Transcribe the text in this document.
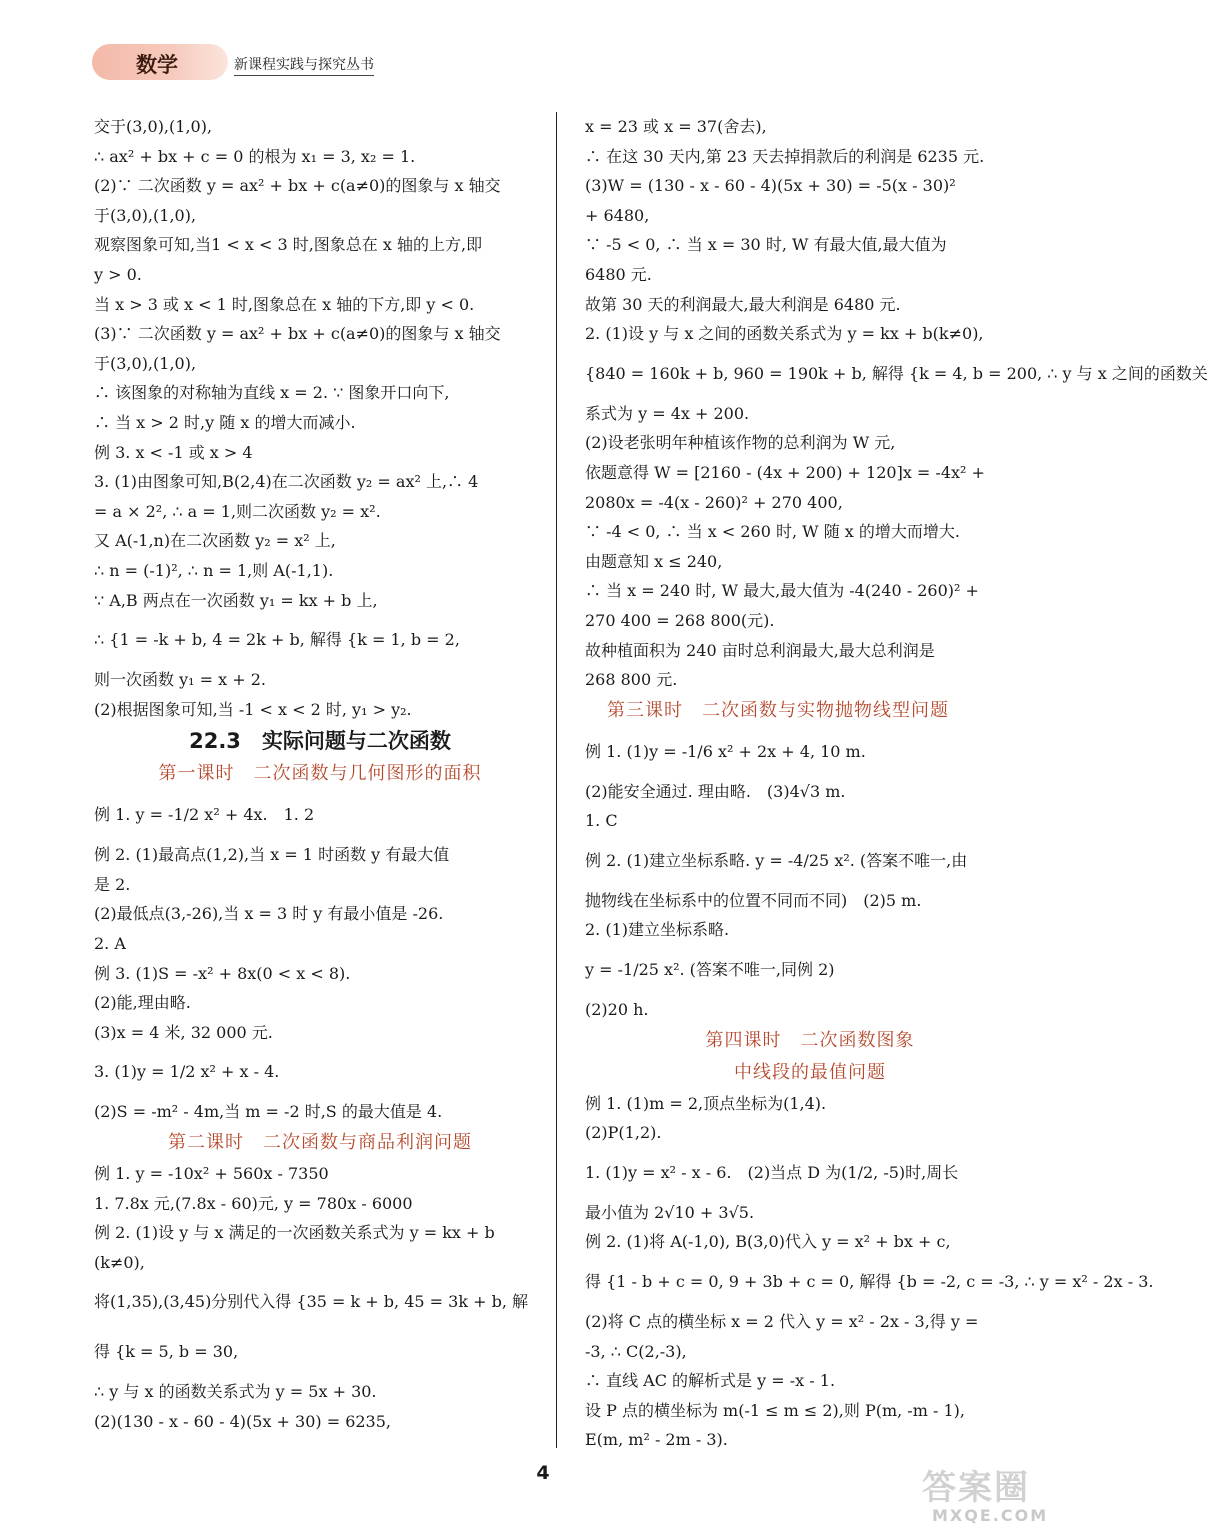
数学	新课程实践与探究丛书
交于(3,0),(1,0),
∴ ax² + bx + c = 0 的根为 x₁ = 3, x₂ = 1.
(2)∵ 二次函数 y = ax² + bx + c(a≠0)的图象与 x 轴交
于(3,0),(1,0),
观察图象可知,当1 < x < 3 时,图象总在 x 轴的上方,即
y > 0.
当 x > 3 或 x < 1 时,图象总在 x 轴的下方,即 y < 0.
(3)∵ 二次函数 y = ax² + bx + c(a≠0)的图象与 x 轴交
于(3,0),(1,0),
∴ 该图象的对称轴为直线 x = 2. ∵ 图象开口向下,
∴ 当 x > 2 时,y 随 x 的增大而减小.
例 3. x < -1 或 x > 4
3. (1)由图象可知,B(2,4)在二次函数 y₂ = ax² 上,∴ 4
= a × 2², ∴ a = 1,则二次函数 y₂ = x².
又 A(-1,n)在二次函数 y₂ = x² 上,
∴ n = (-1)², ∴ n = 1,则 A(-1,1).
∵ A,B 两点在一次函数 y₁ = kx + b 上,
∴ {1 = -k + b, 4 = 2k + b, 解得 {k = 1, b = 2,
则一次函数 y₁ = x + 2.
(2)根据图象可知,当 -1 < x < 2 时, y₁ > y₂.
22.3　实际问题与二次函数
第一课时　二次函数与几何图形的面积
例 1. y = -1/2 x² + 4x.　1. 2
例 2. (1)最高点(1,2),当 x = 1 时函数 y 有最大值
是 2.
(2)最低点(3,-26),当 x = 3 时 y 有最小值是 -26.
2. A
例 3. (1)S = -x² + 8x(0 < x < 8).
(2)能,理由略.
(3)x = 4 米, 32 000 元.
3. (1)y = 1/2 x² + x - 4.
(2)S = -m² - 4m,当 m = -2 时,S 的最大值是 4.
第二课时　二次函数与商品利润问题
例 1. y = -10x² + 560x - 7350
1. 7.8x 元,(7.8x - 60)元, y = 780x - 6000
例 2. (1)设 y 与 x 满足的一次函数关系式为 y = kx + b
(k≠0),
将(1,35),(3,45)分别代入得 {35 = k + b, 45 = 3k + b, 解
得 {k = 5, b = 30,
∴ y 与 x 的函数关系式为 y = 5x + 30.
(2)(130 - x - 60 - 4)(5x + 30) = 6235,
x = 23 或 x = 37(舍去),
∴ 在这 30 天内,第 23 天去掉捐款后的利润是 6235 元.
(3)W = (130 - x - 60 - 4)(5x + 30) = -5(x - 30)²
+ 6480,
∵ -5 < 0, ∴ 当 x = 30 时, W 有最大值,最大值为
6480 元.
故第 30 天的利润最大,最大利润是 6480 元.
2. (1)设 y 与 x 之间的函数关系式为 y = kx + b(k≠0),
{840 = 160k + b, 960 = 190k + b, 解得 {k = 4, b = 200, ∴ y 与 x 之间的函数关
系式为 y = 4x + 200.
(2)设老张明年种植该作物的总利润为 W 元,
依题意得 W = [2160 - (4x + 200) + 120]x = -4x² +
2080x = -4(x - 260)² + 270 400,
∵ -4 < 0, ∴ 当 x < 260 时, W 随 x 的增大而增大.
由题意知 x ≤ 240,
∴ 当 x = 240 时, W 最大,最大值为 -4(240 - 260)² +
270 400 = 268 800(元).
故种植面积为 240 亩时总利润最大,最大总利润是
268 800 元.
第三课时　二次函数与实物抛物线型问题
例 1. (1)y = -1/6 x² + 2x + 4, 10 m.
(2)能安全通过. 理由略.　(3)4√3 m.
1. C
例 2. (1)建立坐标系略. y = -4/25 x². (答案不唯一,由
抛物线在坐标系中的位置不同而不同)　(2)5 m.
2. (1)建立坐标系略.
y = -1/25 x². (答案不唯一,同例 2)
(2)20 h.
第四课时　二次函数图象
中线段的最值问题
例 1. (1)m = 2,顶点坐标为(1,4).
(2)P(1,2).
1. (1)y = x² - x - 6.　(2)当点 D 为(1/2, -5)时,周长
最小值为 2√10 + 3√5.
例 2. (1)将 A(-1,0), B(3,0)代入 y = x² + bx + c,
得 {1 - b + c = 0, 9 + 3b + c = 0, 解得 {b = -2, c = -3, ∴ y = x² - 2x - 3.
(2)将 C 点的横坐标 x = 2 代入 y = x² - 2x - 3,得 y =
-3, ∴ C(2,-3),
∴ 直线 AC 的解析式是 y = -x - 1.
设 P 点的横坐标为 m(-1 ≤ m ≤ 2),则 P(m, -m - 1),
E(m, m² - 2m - 3).
4	答案圈
MXQE.COM
